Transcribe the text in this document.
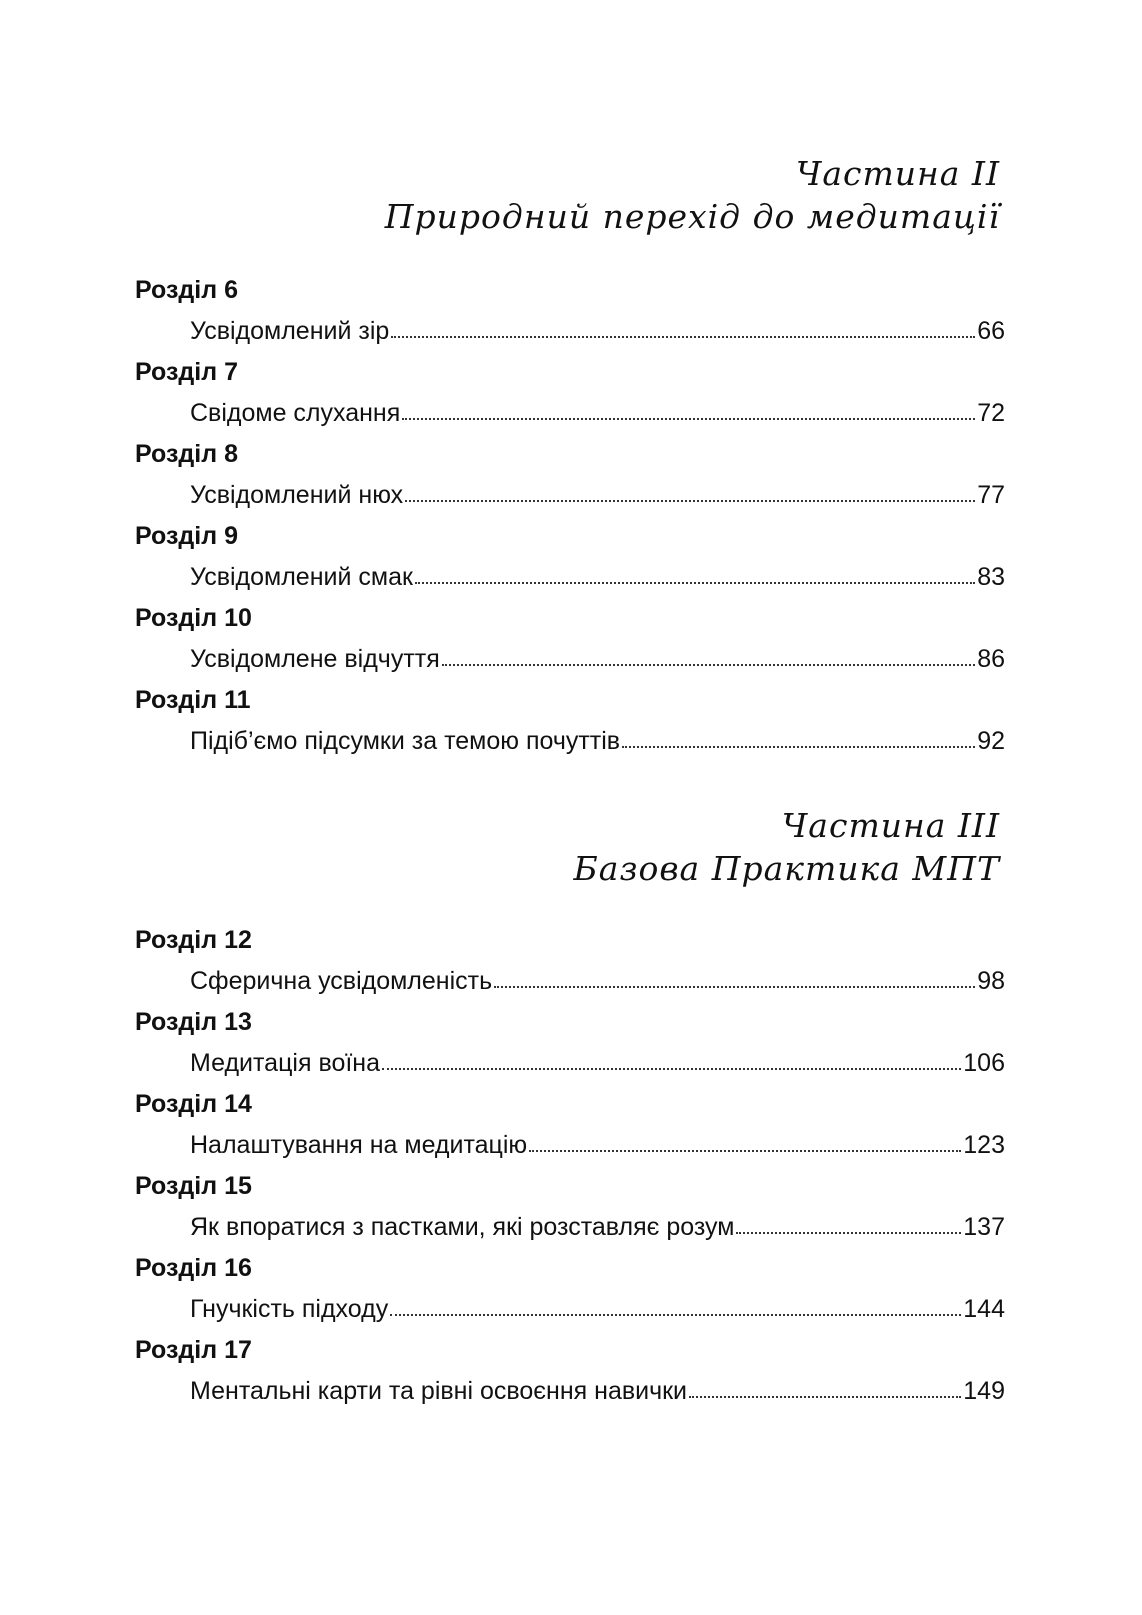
Частина II
Природний перехід до медитації
Розділ 6
Усвідомлений зір	66
Розділ 7
Свідоме слухання	72
Розділ 8
Усвідомлений нюх	77
Розділ 9
Усвідомлений смак	83
Розділ 10
Усвідомлене відчуття	86
Розділ 11
Підіб’ємо підсумки за темою почуттів	92
Частина III
Базова Практика МПТ
Розділ 12
Сферична усвідомленість	98
Розділ 13
Медитація воїна	106
Розділ 14
Налаштування на медитацію	123
Розділ 15
Як впоратися з пастками, які розставляє розум	137
Розділ 16
Гнучкість підходу	144
Розділ 17
Ментальні карти та рівні освоєння навички	149
